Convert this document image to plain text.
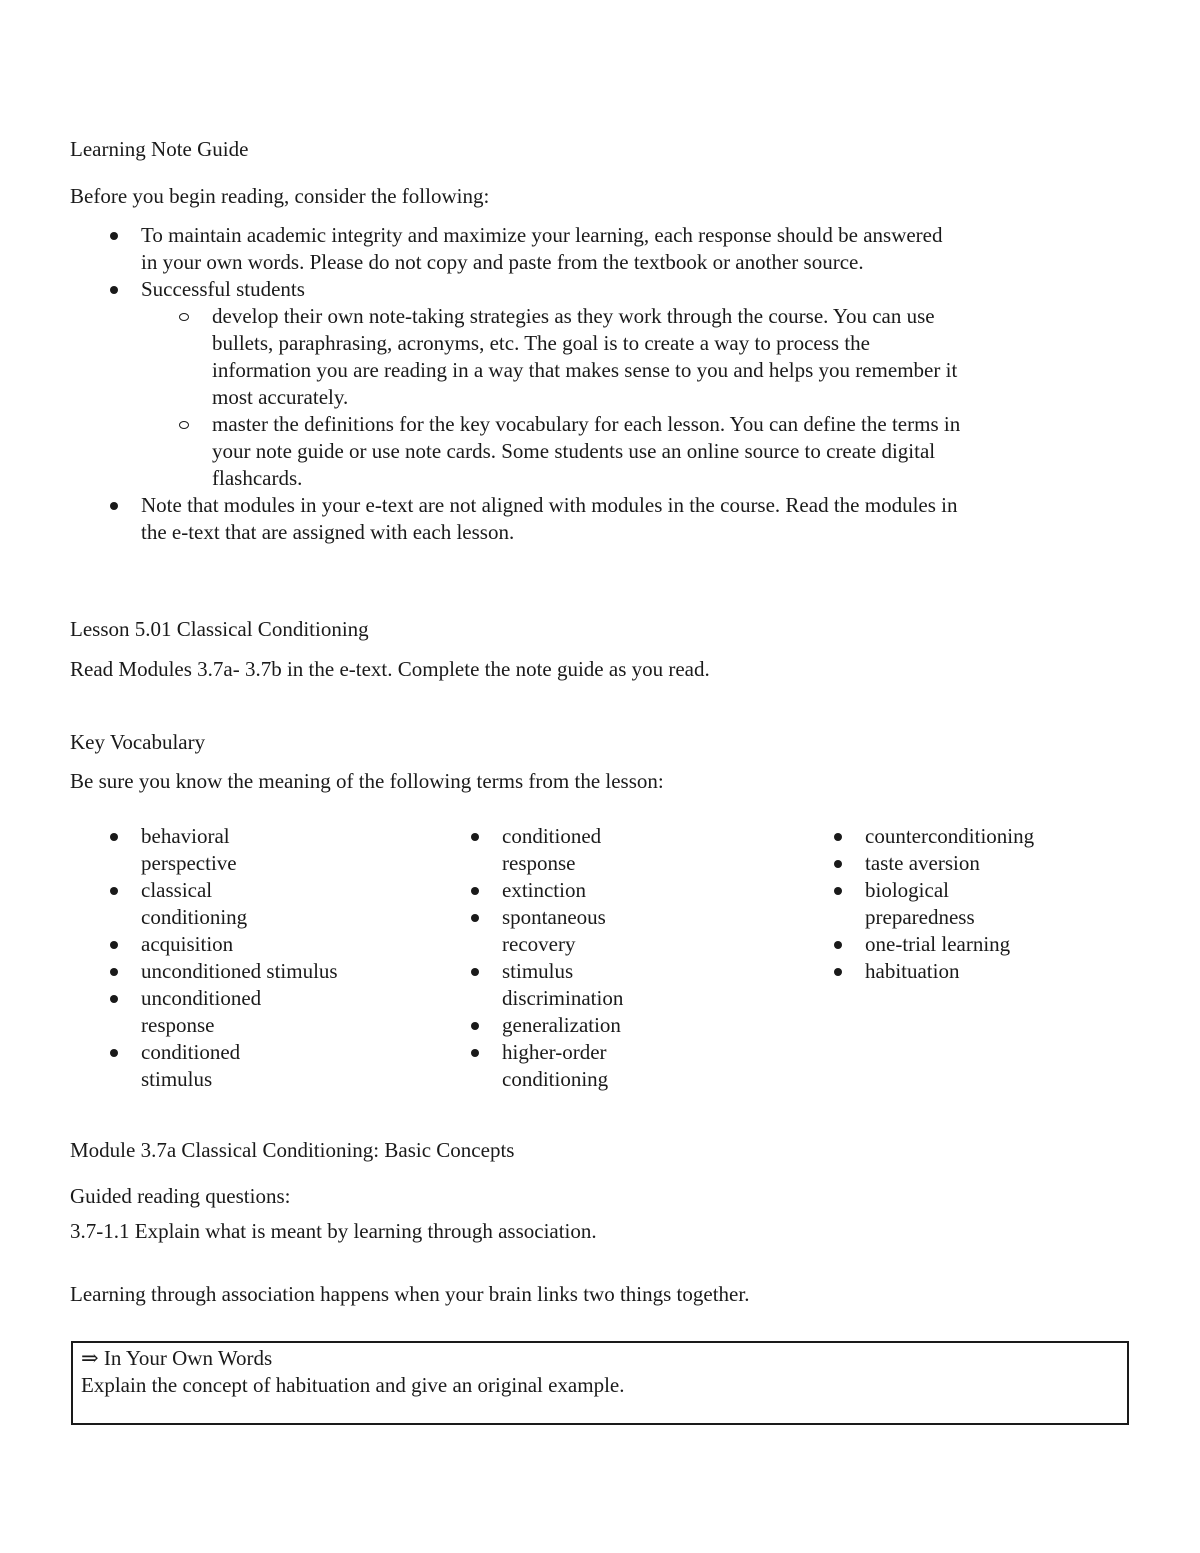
Learning Note Guide
Before you begin reading, consider the following:
To maintain academic integrity and maximize your learning, each response should be answered
in your own words. Please do not copy and paste from the textbook or another source.
Successful students
develop their own note-taking strategies as they work through the course. You can use
bullets, paraphrasing, acronyms, etc. The goal is to create a way to process the
information you are reading in a way that makes sense to you and helps you remember it
most accurately.
master the definitions for the key vocabulary for each lesson. You can define the terms in
your note guide or use note cards. Some students use an online source to create digital
flashcards.
Note that modules in your e-text are not aligned with modules in the course. Read the modules in
the e-text that are assigned with each lesson.
Lesson 5.01 Classical Conditioning
Read Modules 3.7a- 3.7b in the e-text. Complete the note guide as you read.
Key Vocabulary
Be sure you know the meaning of the following terms from the lesson:
behavioral
perspective
classical
conditioning
acquisition
unconditioned stimulus
unconditioned
response
conditioned
stimulus
conditioned
response
extinction
spontaneous
recovery
stimulus
discrimination
generalization
higher-order
conditioning
counterconditioning
taste aversion
biological
preparedness
one-trial learning
habituation
Module 3.7a Classical Conditioning: Basic Concepts
Guided reading questions:
3.7-1.1 Explain what is meant by learning through association.
Learning through association happens when your brain links two things together.
⇒ In Your Own Words
Explain the concept of habituation and give an original example.
